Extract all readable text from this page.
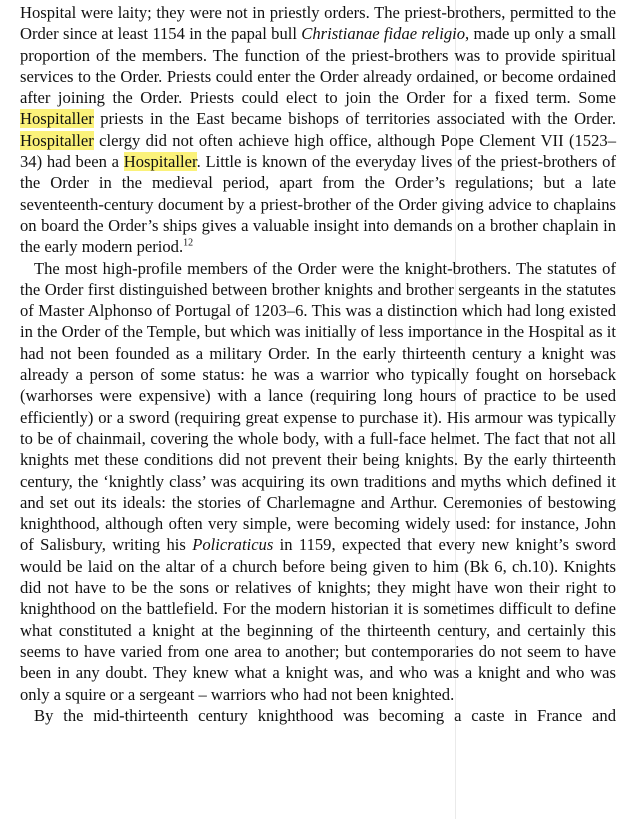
Hospital were laity; they were not in priestly orders. The priest-brothers, permitted to the Order since at least 1154 in the papal bull Christianae fidae religio, made up only a small proportion of the members. The function of the priest-brothers was to provide spiritual services to the Order. Priests could enter the Order already ordained, or become ordained after joining the Order. Priests could elect to join the Order for a fixed term. Some Hospitaller priests in the East became bishops of territories associated with the Order. Hospitaller clergy did not often achieve high office, although Pope Clement VII (1523–34) had been a Hospitaller. Little is known of the everyday lives of the priest-brothers of the Order in the medieval period, apart from the Order’s regulations; but a late seventeenth-century document by a priest-brother of the Order giving advice to chaplains on board the Order’s ships gives a valuable insight into demands on a brother chaplain in the early modern period.$^{12}$

The most high-profile members of the Order were the knight-brothers. The statutes of the Order first distinguished between brother knights and brother sergeants in the statutes of Master Alphonso of Portugal of 1203–6. This was a distinction which had long existed in the Order of the Temple, but which was initially of less importance in the Hospital as it had not been founded as a military Order. In the early thirteenth century a knight was already a person of some status: he was a warrior who typically fought on horseback (warhorses were expensive) with a lance (requiring long hours of practice to be used efficiently) or a sword (requiring great expense to purchase it). His armour was typically to be of chainmail, covering the whole body, with a full-face helmet. The fact that not all knights met these conditions did not prevent their being knights. By the early thirteenth century, the ‘knightly class’ was acquiring its own traditions and myths which defined it and set out its ideals: the stories of Charlemagne and Arthur. Ceremonies of bestowing knighthood, although often very simple, were becoming widely used: for instance, John of Salisbury, writing his Policraticus in 1159, expected that every new knight’s sword would be laid on the altar of a church before being given to him (Bk 6, ch.10). Knights did not have to be the sons or relatives of knights; they might have won their right to knighthood on the battlefield. For the modern historian it is sometimes difficult to define what constituted a knight at the beginning of the thirteenth century, and certainly this seems to have varied from one area to another; but contemporaries do not seem to have been in any doubt. They knew what a knight was, and who was a knight and who was only a squire or a sergeant – warriors who had not been knighted.

By the mid-thirteenth century knighthood was becoming a caste in France and
